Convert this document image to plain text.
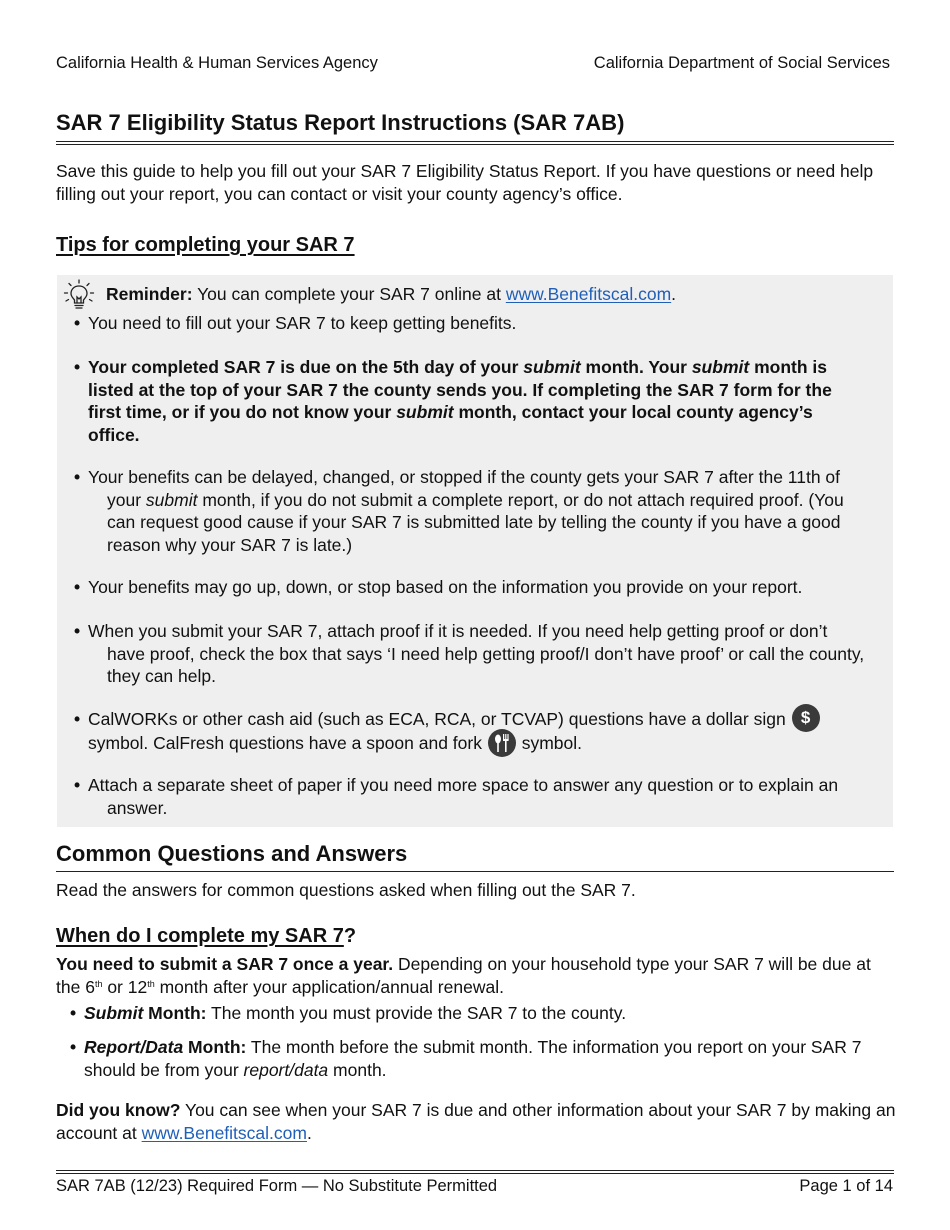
California Health & Human Services Agency	California Department of Social Services
SAR 7 Eligibility Status Report Instructions (SAR 7AB)
Save this guide to help you fill out your SAR 7 Eligibility Status Report. If you have questions or need help filling out your report, you can contact or visit your county agency’s office.
Tips for completing your SAR 7
Reminder: You can complete your SAR 7 online at www.Benefitscal.com.
• You need to fill out your SAR 7 to keep getting benefits.
• Your completed SAR 7 is due on the 5th day of your submit month. Your submit month is listed at the top of your SAR 7 the county sends you. If completing the SAR 7 form for the first time, or if you do not know your submit month, contact your local county agency’s office.
• Your benefits can be delayed, changed, or stopped if the county gets your SAR 7 after the 11th of your submit month, if you do not submit a complete report, or do not attach required proof. (You can request good cause if your SAR 7 is submitted late by telling the county if you have a good reason why your SAR 7 is late.)
• Your benefits may go up, down, or stop based on the information you provide on your report.
• When you submit your SAR 7, attach proof if it is needed. If you need help getting proof or don’t have proof, check the box that says ‘I need help getting proof/I don’t have proof’ or call the county, they can help.
• CalWORKs or other cash aid (such as ECA, RCA, or TCVAP) questions have a dollar sign $
symbol. CalFresh questions have a spoon and fork  symbol.
• Attach a separate sheet of paper if you need more space to answer any question or to explain an answer.
Common Questions and Answers
Read the answers for common questions asked when filling out the SAR 7.
When do I complete my SAR 7?
You need to submit a SAR 7 once a year. Depending on your household type your SAR 7 will be due at the 6th or 12th month after your application/annual renewal.
• Submit Month: The month you must provide the SAR 7 to the county.
• Report/Data Month: The month before the submit month. The information you report on your SAR 7 should be from your report/data month.
Did you know? You can see when your SAR 7 is due and other information about your SAR 7 by making an account at www.Benefitscal.com.
SAR 7AB (12/23) Required Form — No Substitute Permitted	Page 1 of 14
